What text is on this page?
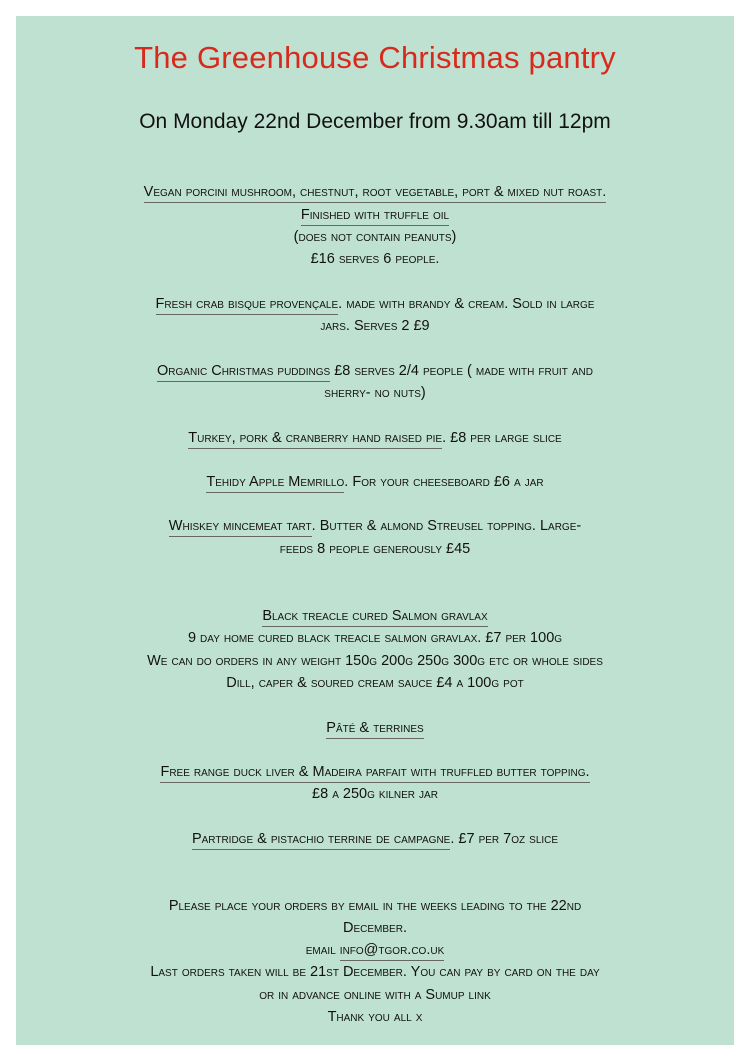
The Greenhouse Christmas pantry
On Monday 22nd December from 9.30am till 12pm
Vegan porcini mushroom, chestnut, root vegetable, port & mixed nut roast.
Finished with truffle oil
(does not contain peanuts)
£16 serves 6 people.
Fresh crab bisque provençale. made with brandy & cream. Sold in large
jars. Serves 2 £9
Organic Christmas puddings £8 serves 2/4 people ( made with fruit and
sherry- no nuts)
Turkey, pork & cranberry hand raised pie. £8 per large slice
Tehidy Apple Memrillo. For your cheeseboard £6 a jar
Whiskey mincemeat tart. Butter & almond Streusel topping. Large-
feeds 8 people generously £45
Black treacle cured Salmon gravlax
9 day home cured black treacle salmon gravlax. £7 per 100g
We can do orders in any weight 150g 200g 250g 300g etc or whole sides
Dill, caper & soured cream sauce £4 a 100g pot
Pâté & terrines
Free range duck liver & Madeira parfait with truffled butter topping.
£8 a 250g kilner jar
Partridge & pistachio terrine de campagne. £7 per 7oz slice
Please place your orders by email in the weeks leading to the 22nd
December.
email info@tgor.co.uk
Last orders taken will be 21st December. You can pay by card on the day
or in advance online with a Sumup link
Thank you all x
